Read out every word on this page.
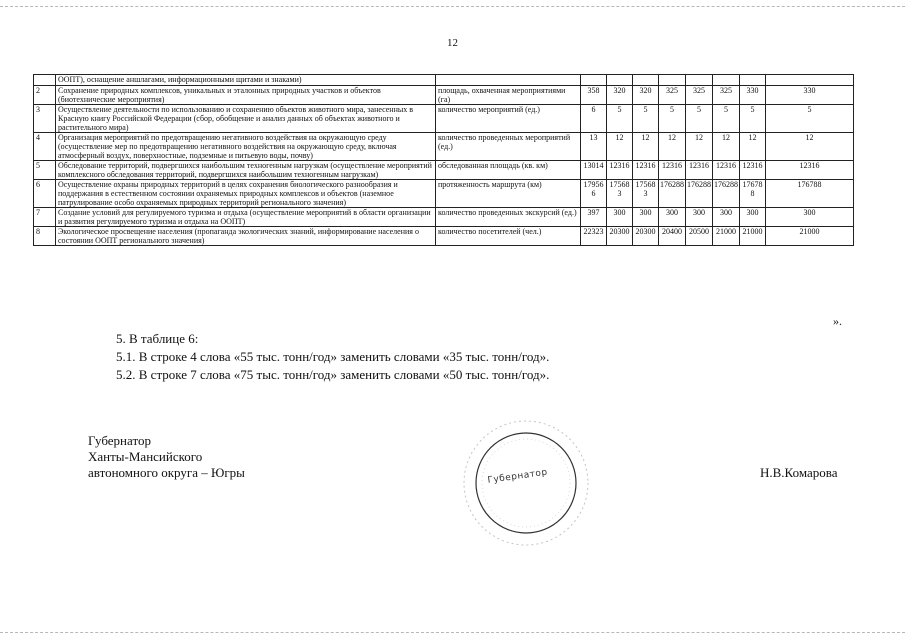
12
	ООПТ), оснащение аншлагами, информационными щитами и знаками)									
2	Сохранение природных комплексов, уникальных и эталонных природных участков и объектов (биотехнические мероприятия)	площадь, охваченная мероприятиями (га)	358	320	320	325	325	325	330	330
3	Осуществление деятельности по использованию и сохранению объектов животного мира, занесенных в Красную книгу Российской Федерации (сбор, обобщение и анализ данных об объектах животного и растительного мира)	количество мероприятий (ед.)	6	5	5	5	5	5	5	5
4	Организация мероприятий по предотвращению негативного воздействия на окружающую среду (осуществление мер по предотвращению негативного воздействия на окружающую среду, включая атмосферный воздух, поверхностные, подземные и питьевую воды, почву)	количество проведенных мероприятий (ед.)	13	12	12	12	12	12	12	12
5	Обследование территорий, подвергшихся наибольшим техногенным нагрузкам (осуществление мероприятий комплексного обследования территорий, подвергшихся наибольшим техногенным нагрузкам)	обследованная площадь (кв. км)	13014	12316	12316	12316	12316	12316	12316	12316
6	Осуществление охраны природных территорий в целях сохранения биологического разнообразия и поддержания в естественном состоянии охраняемых природных комплексов и объектов (наземное патрулирование особо охраняемых природных территорий регионального значения)	протяженность маршрута (км)	179566	175683	175683	176288	176288	176288	176788	176788
7	Создание условий для регулируемого туризма и отдыха (осуществление мероприятий в области организации и развития регулируемого туризма и отдыха на ООПТ)	количество проведенных экскурсий (ед.)	397	300	300	300	300	300	300	300
8	Экологическое просвещение населения (пропаганда экологических знаний, информирование населения о состоянии ООПТ регионального значения)	количество посетителей (чел.)	22323	20300	20300	20400	20500	21000	21000	21000
».
5. В таблице 6:
5.1. В строке 4 слова «55 тыс. тонн/год» заменить словами «35 тыс. тонн/год».
5.2. В строке 7 слова «75 тыс. тонн/год» заменить словами «50 тыс. тонн/год».
Губернатор
Ханты-Мансийского
автономного округа – Югры	Губернатор	Н.В.Комарова
